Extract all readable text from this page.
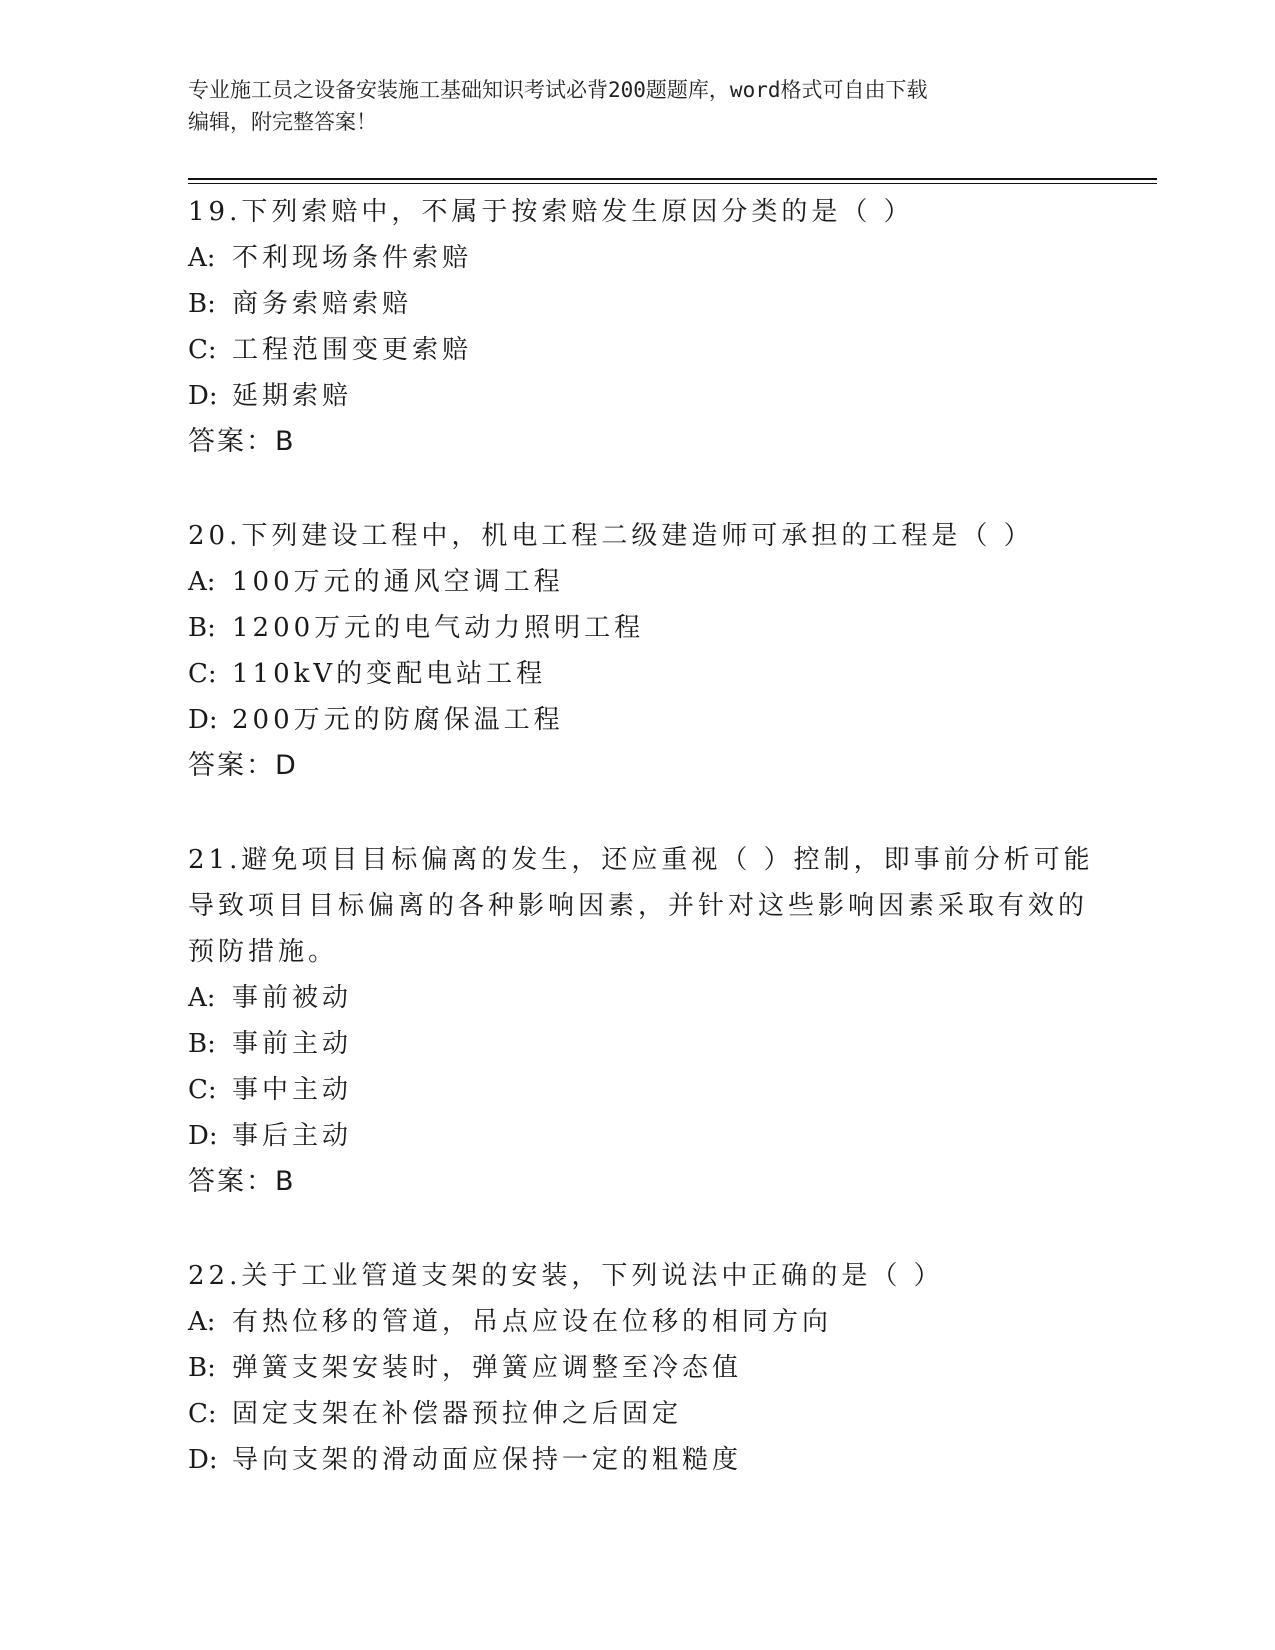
专业施工员之设备安装施工基础知识考试必背200题题库，word格式可自由下载
编辑，附完整答案！
19.下列索赔中，不属于按索赔发生原因分类的是（ ）
A: 不利现场条件索赔
B: 商务索赔索赔
C: 工程范围变更索赔
D: 延期索赔
答案：B
20.下列建设工程中，机电工程二级建造师可承担的工程是（ ）
A: 100万元的通风空调工程
B: 1200万元的电气动力照明工程
C: 110kV的变配电站工程
D: 200万元的防腐保温工程
答案：D
21.避免项目目标偏离的发生，还应重视（ ）控制，即事前分析可能
导致项目目标偏离的各种影响因素，并针对这些影响因素采取有效的
预防措施。
A: 事前被动
B: 事前主动
C: 事中主动
D: 事后主动
答案：B
22.关于工业管道支架的安装，下列说法中正确的是（ ）
A: 有热位移的管道，吊点应设在位移的相同方向
B: 弹簧支架安装时，弹簧应调整至冷态值
C: 固定支架在补偿器预拉伸之后固定
D: 导向支架的滑动面应保持一定的粗糙度
